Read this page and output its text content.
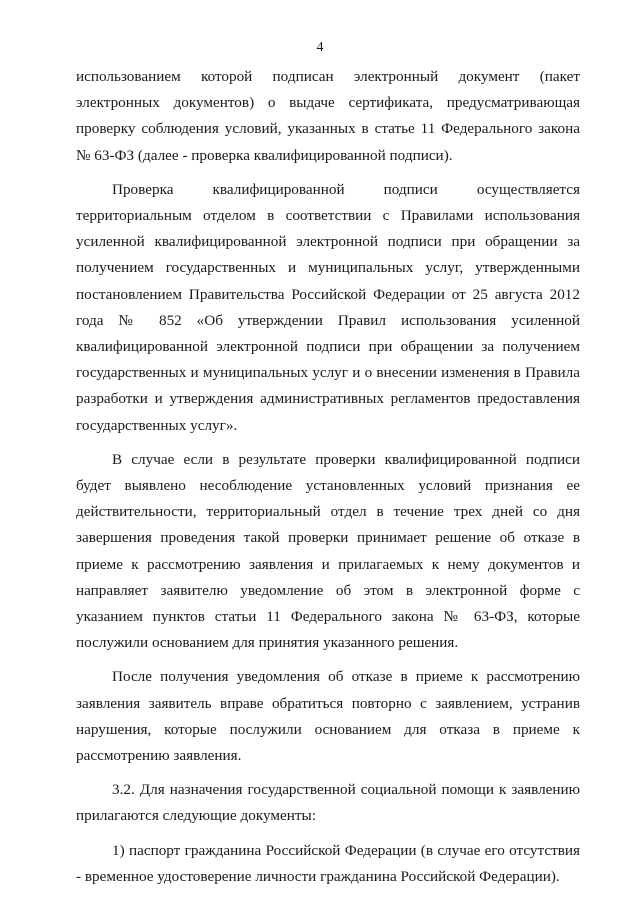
4

использованием которой подписан электронный документ (пакет электронных документов) о выдаче сертификата, предусматривающая проверку соблюдения условий, указанных в статье 11 Федерального закона № 63-ФЗ (далее - проверка квалифицированной подписи).

Проверка квалифицированной подписи осуществляется территориальным отделом в соответствии с Правилами использования усиленной квалифицированной электронной подписи при обращении за получением государственных и муниципальных услуг, утвержденными постановлением Правительства Российской Федерации от 25 августа 2012 года № 852 «Об утверждении Правил использования усиленной квалифицированной электронной подписи при обращении за получением государственных и муниципальных услуг и о внесении изменения в Правила разработки и утверждения административных регламентов предоставления государственных услуг».

В случае если в результате проверки квалифицированной подписи будет выявлено несоблюдение установленных условий признания ее действительности, территориальный отдел в течение трех дней со дня завершения проведения такой проверки принимает решение об отказе в приеме к рассмотрению заявления и прилагаемых к нему документов и направляет заявителю уведомление об этом в электронной форме с указанием пунктов статьи 11 Федерального закона № 63-ФЗ, которые послужили основанием для принятия указанного решения.

После получения уведомления об отказе в приеме к рассмотрению заявления заявитель вправе обратиться повторно с заявлением, устранив нарушения, которые послужили основанием для отказа в приеме к рассмотрению заявления.

3.2. Для назначения государственной социальной помощи к заявлению прилагаются следующие документы:

1) паспорт гражданина Российской Федерации (в случае его отсутствия - временное удостоверение личности гражданина Российской Федерации).
